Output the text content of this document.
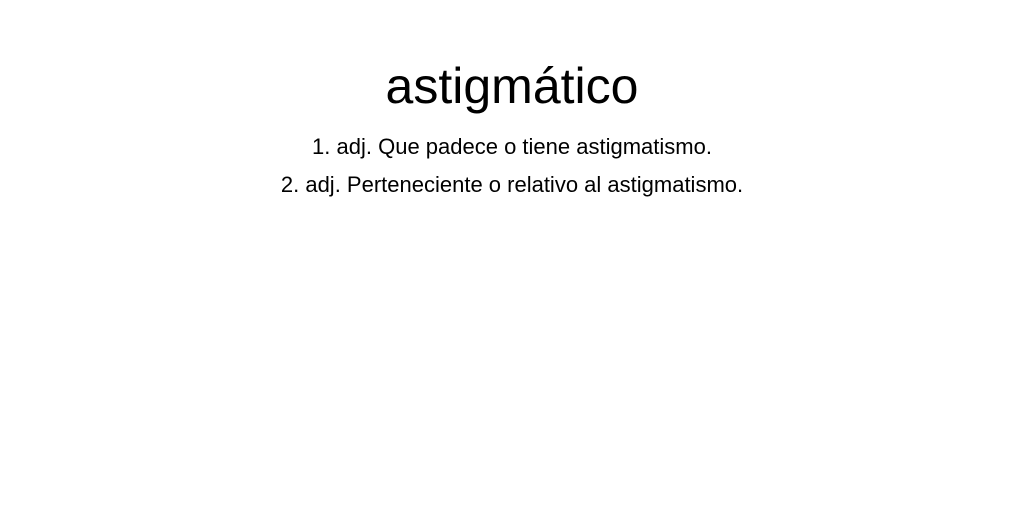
astigmático
1. adj. Que padece o tiene astigmatismo.
2. adj. Perteneciente o relativo al astigmatismo.
